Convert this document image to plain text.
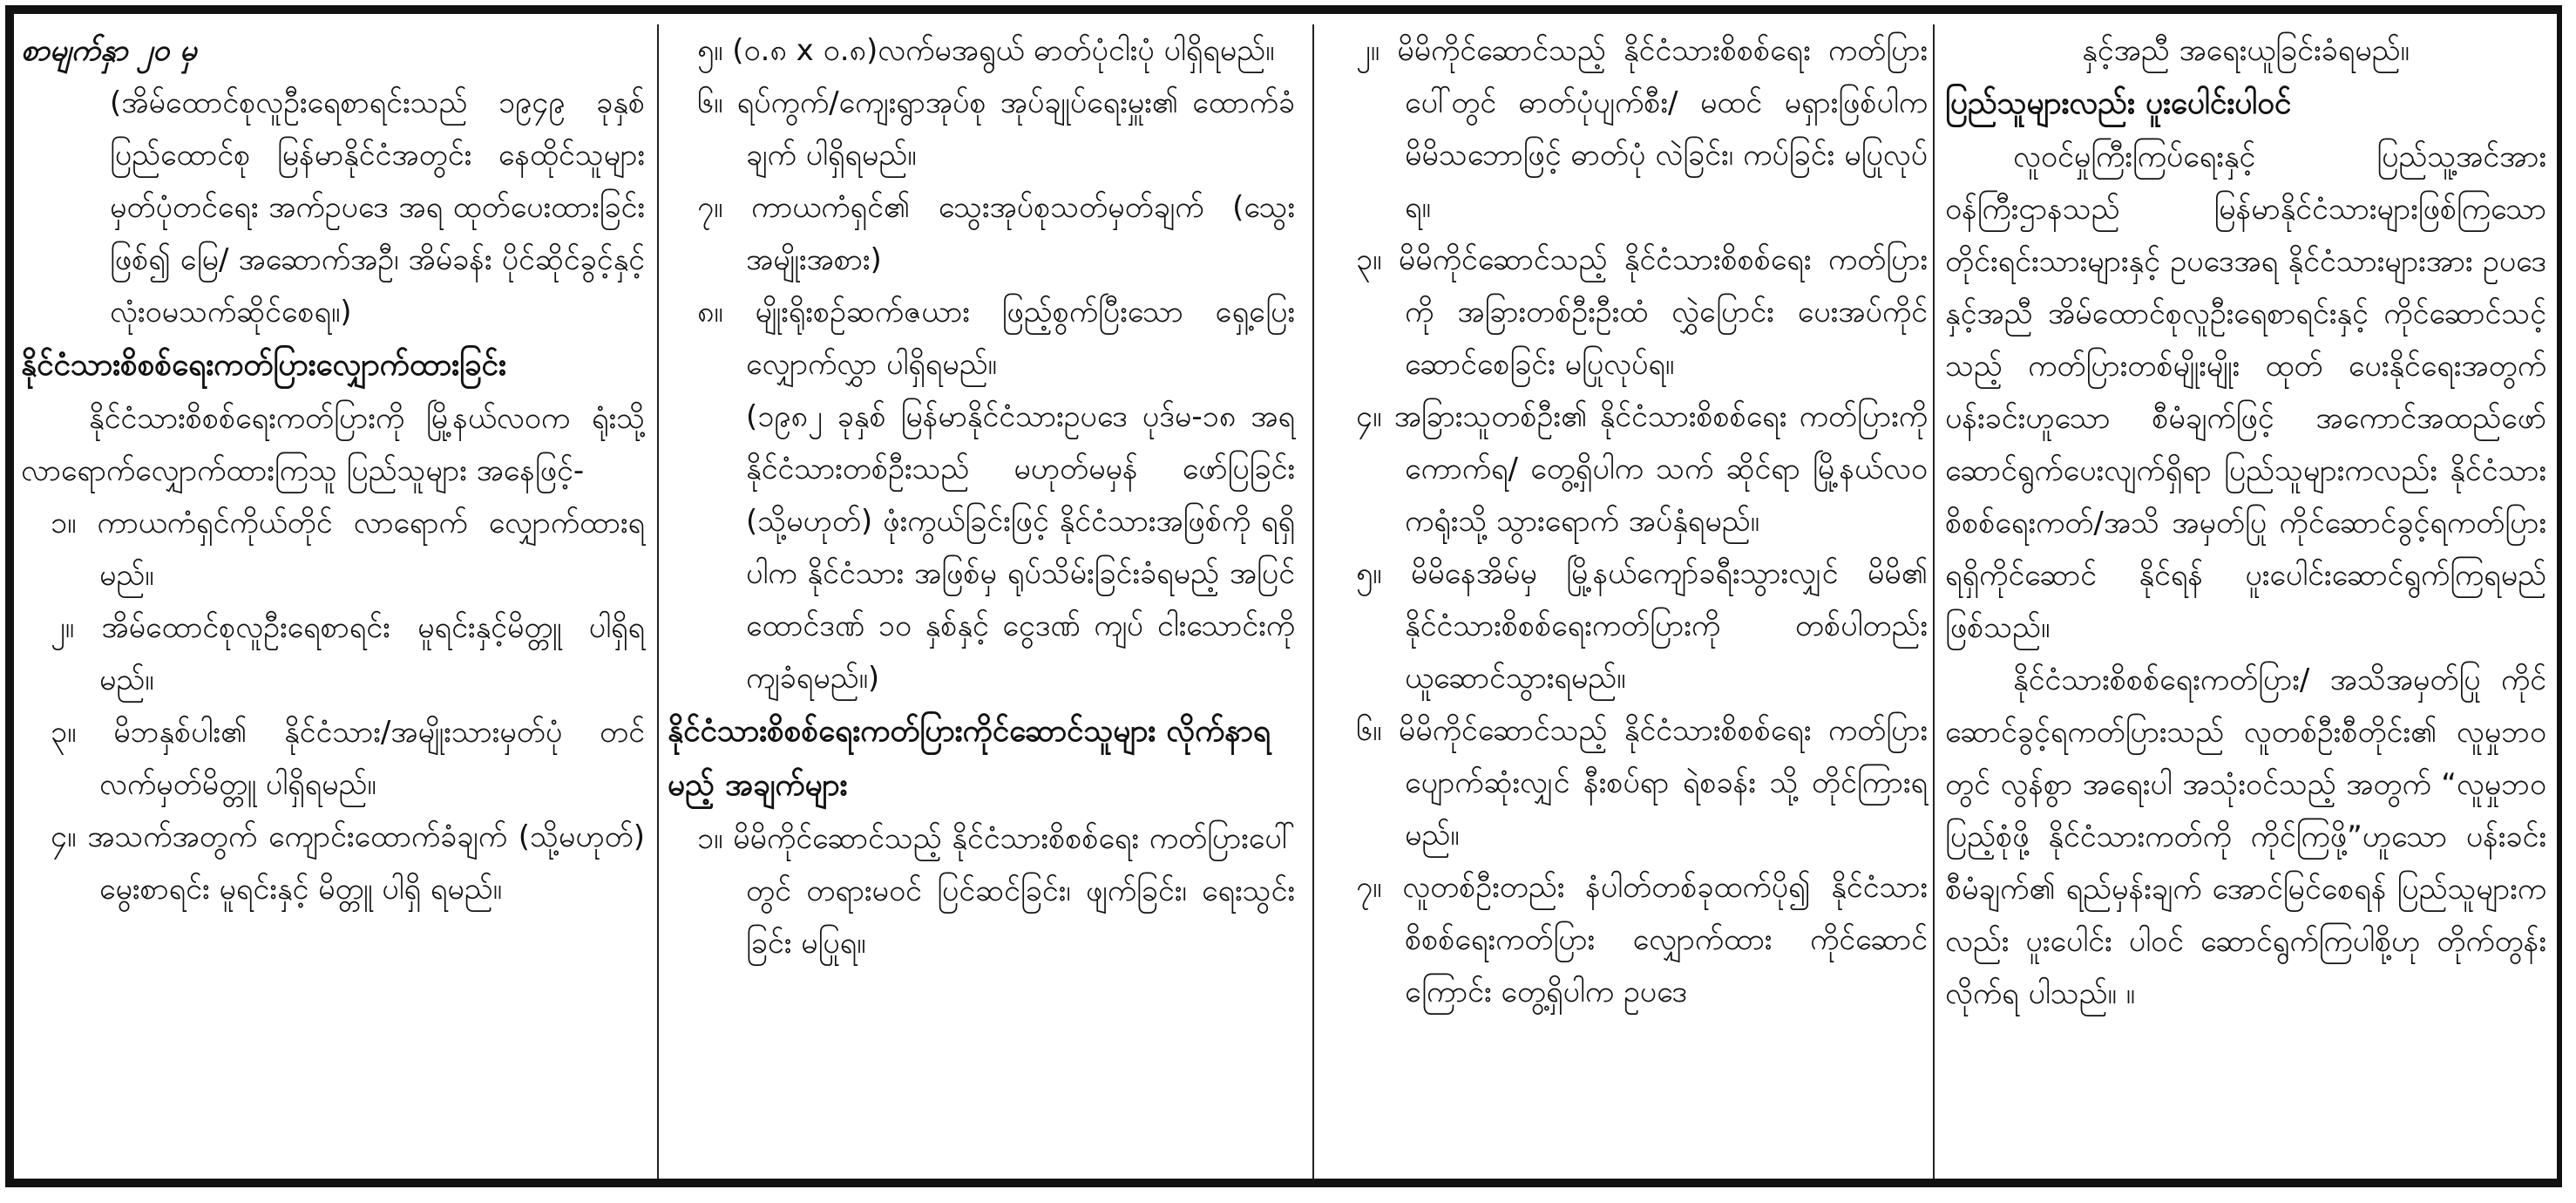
စာမျက်နှာ ၂၀ မှ

(အိမ်ထောင်စုလူဦးရေစာရင်းသည် ၁၉၄၉ ခုနှစ် ပြည်ထောင်စု မြန်မာနိုင်ငံအတွင်း နေထိုင်သူများ မှတ်ပုံတင်ရေး အက်ဥပဒေ အရ ထုတ်ပေးထားခြင်းဖြစ်၍ မြေ/ အဆောက်အဦ၊ အိမ်ခန်း ပိုင်ဆိုင်ခွင့်နှင့် လုံးဝမသက်ဆိုင်စေရ။)

နိုင်ငံသားစိစစ်ရေးကတ်ပြားလျှောက်ထားခြင်း

နိုင်ငံသားစိစစ်ရေးကတ်ပြားကို မြို့နယ်လဝက ရုံးသို့ လာရောက်လျှောက်ထားကြသူ ပြည်သူများ အနေဖြင့်-

၁။ ကာယကံရှင်ကိုယ်တိုင် လာရောက် လျှောက်ထားရမည်။
၂။ အိမ်ထောင်စုလူဦးရေစာရင်း မူရင်းနှင့်မိတ္တူ ပါရှိရမည်။
၃။ မိဘနှစ်ပါး၏ နိုင်ငံသား/အမျိုးသားမှတ်ပုံ တင်လက်မှတ်မိတ္တူ ပါရှိရမည်။
၄။ အသက်အတွက် ကျောင်းထောက်ခံချက် (သို့မဟုတ်) မွေးစာရင်း မူရင်းနှင့် မိတ္တူ ပါရှိ ရမည်။
၅။ (၀.၈ x ၀.၈)လက်မအရွယ် ဓာတ်ပုံငါးပုံ ပါရှိရမည်။
၆။ ရပ်ကွက်/ကျေးရွာအုပ်စု အုပ်ချုပ်ရေးမှူး၏ ထောက်ခံချက် ပါရှိရမည်။
၇။ ကာယကံရှင်၏ သွေးအုပ်စုသတ်မှတ်ချက် (သွေးအမျိုးအစား)
၈။ မျိုးရိုးစဉ်ဆက်ဇယား ဖြည့်စွက်ပြီးသော ရှေ့ပြေးလျှောက်လွှာ ပါရှိရမည်။

(၁၉၈၂ ခုနှစ် မြန်မာနိုင်ငံသားဥပဒေ ပုဒ်မ-၁၈ အရ နိုင်ငံသားတစ်ဦးသည် မဟုတ်မမှန် ဖော်ပြခြင်း (သို့မဟုတ်) ဖုံးကွယ်ခြင်းဖြင့် နိုင်ငံသားအဖြစ်ကို ရရှိပါက နိုင်ငံသား အဖြစ်မှ ရုပ်သိမ်းခြင်းခံရမည့် အပြင် ထောင်ဒဏ် ၁၀ နှစ်နှင့် ငွေဒဏ် ကျပ် ငါးသောင်းကို ကျခံရမည်။)

နိုင်ငံသားစိစစ်ရေးကတ်ပြားကိုင်ဆောင်သူများ လိုက်နာရမည့် အချက်များ
၁။ မိမိကိုင်ဆောင်သည့် နိုင်ငံသားစိစစ်ရေး ကတ်ပြားပေါ်တွင် တရားမဝင် ပြင်ဆင်ခြင်း၊ ဖျက်ခြင်း၊ ရေးသွင်းခြင်း မပြုရ။
၂။ မိမိကိုင်ဆောင်သည့် နိုင်ငံသားစိစစ်ရေး ကတ်ပြားပေါ်တွင် ဓာတ်ပုံပျက်စီး/ မထင် မရှားဖြစ်ပါက မိမိသဘောဖြင့် ဓာတ်ပုံ လဲခြင်း၊ ကပ်ခြင်း မပြုလုပ်ရ။
၃။ မိမိကိုင်ဆောင်သည့် နိုင်ငံသားစိစစ်ရေး ကတ်ပြားကို အခြားတစ်ဦးဦးထံ လွှဲပြောင်း ပေးအပ်ကိုင်ဆောင်စေခြင်း မပြုလုပ်ရ။
၄။ အခြားသူတစ်ဦး၏ နိုင်ငံသားစိစစ်ရေး ကတ်ပြားကို ကောက်ရ/ တွေ့ရှိပါက သက် ဆိုင်ရာ မြို့နယ်လဝကရုံးသို့ သွားရောက် အပ်နှံရမည်။
၅။ မိမိနေအိမ်မှ မြို့နယ်ကျော်ခရီးသွားလျှင် မိမိ၏ နိုင်ငံသားစိစစ်ရေးကတ်ပြားကို တစ်ပါတည်း ယူဆောင်သွားရမည်။
၆။ မိမိကိုင်ဆောင်သည့် နိုင်ငံသားစိစစ်ရေး ကတ်ပြားပျောက်ဆုံးလျှင် နီးစပ်ရာ ရဲစခန်း သို့ တိုင်ကြားရမည်။
၇။ လူတစ်ဦးတည်း နံပါတ်တစ်ခုထက်ပို၍ နိုင်ငံသားစိစစ်ရေးကတ်ပြား လျှောက်ထား ကိုင်ဆောင်ကြောင်း တွေ့ရှိပါက ဥပဒေ

နှင့်အညီ အရေးယူခြင်းခံရမည်။

ပြည်သူများလည်း ပူးပေါင်းပါဝင်

လူဝင်မှုကြီးကြပ်ရေးနှင့် ပြည်သူ့အင်အား ဝန်ကြီးဌာနသည် မြန်မာနိုင်ငံသားများဖြစ်ကြသော တိုင်းရင်းသားများနှင့် ဥပဒေအရ နိုင်ငံသားများအား ဥပဒေနှင့်အညီ အိမ်ထောင်စုလူဦးရေစာရင်းနှင့် ကိုင်ဆောင်သင့်သည့် ကတ်ပြားတစ်မျိုးမျိုး ထုတ် ပေးနိုင်ရေးအတွက် ပန်းခင်းဟူသော စီမံချက်ဖြင့် အကောင်အထည်ဖော် ဆောင်ရွက်ပေးလျက်ရှိရာ ပြည်သူများကလည်း နိုင်ငံသားစိစစ်ရေးကတ်/အသိ အမှတ်ပြု ကိုင်ဆောင်ခွင့်ရကတ်ပြား ရရှိကိုင်ဆောင် နိုင်ရန် ပူးပေါင်းဆောင်ရွက်ကြရမည်ဖြစ်သည်။

နိုင်ငံသားစိစစ်ရေးကတ်ပြား/ အသိအမှတ်ပြု ကိုင်ဆောင်ခွင့်ရကတ်ပြားသည် လူတစ်ဦးစီတိုင်း၏ လူမှုဘဝတွင် လွန်စွာ အရေးပါ အသုံးဝင်သည့် အတွက် “လူမှုဘဝပြည့်စုံဖို့ နိုင်ငံသားကတ်ကို ကိုင်ကြဖို့”ဟူသော ပန်းခင်းစီမံချက်၏ ရည်မှန်းချက် အောင်မြင်စေရန် ပြည်သူများကလည်း ပူးပေါင်း ပါဝင် ဆောင်ရွက်ကြပါစို့ဟု တိုက်တွန်းလိုက်ရ ပါသည်။ ။
